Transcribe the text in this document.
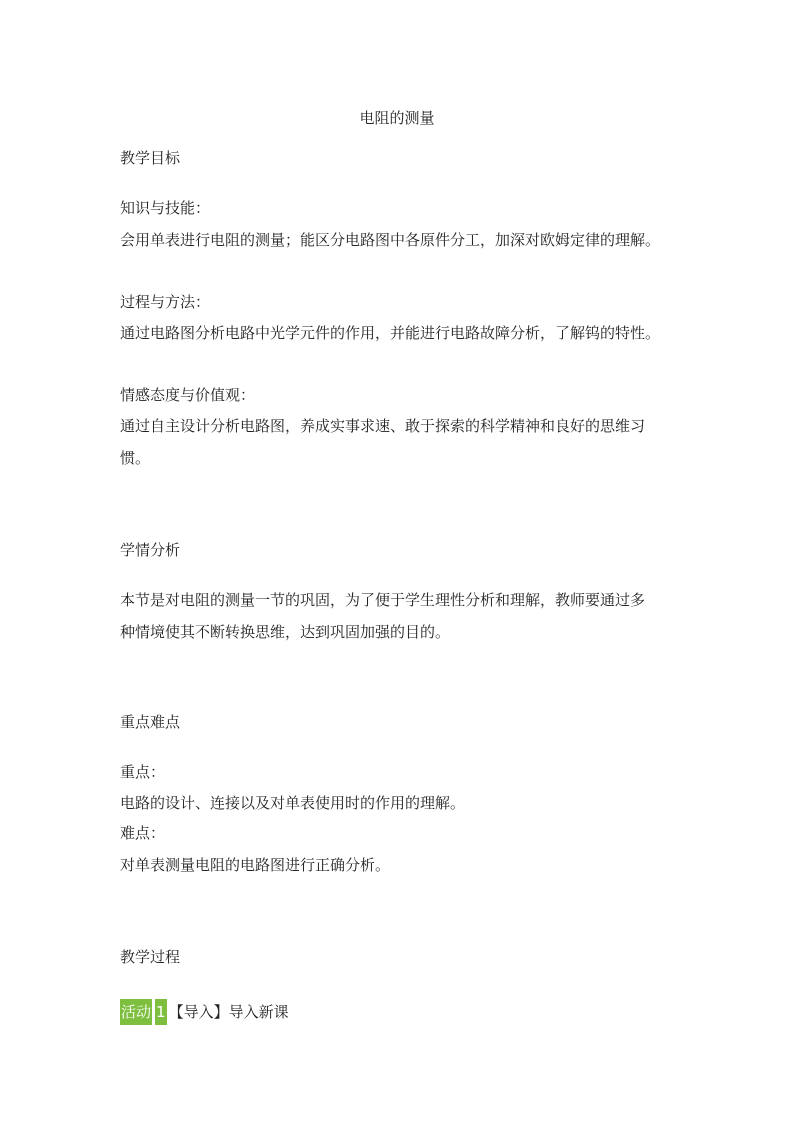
电阻的测量
教学目标
知识与技能：
会用单表进行电阻的测量；能区分电路图中各原件分工，加深对欧姆定律的理解。
过程与方法：
通过电路图分析电路中光学元件的作用，并能进行电路故障分析，了解钨的特性。
情感态度与价值观：
通过自主设计分析电路图，养成实事求速、敢于探索的科学精神和良好的思维习
惯。
学情分析
本节是对电阻的测量一节的巩固，为了便于学生理性分析和理解，教师要通过多
种情境使其不断转换思维，达到巩固加强的目的。
重点难点
重点：
电路的设计、连接以及对单表使用时的作用的理解。
难点：
对单表测量电阻的电路图进行正确分析。
教学过程
活动 1 【导入】导入新课
